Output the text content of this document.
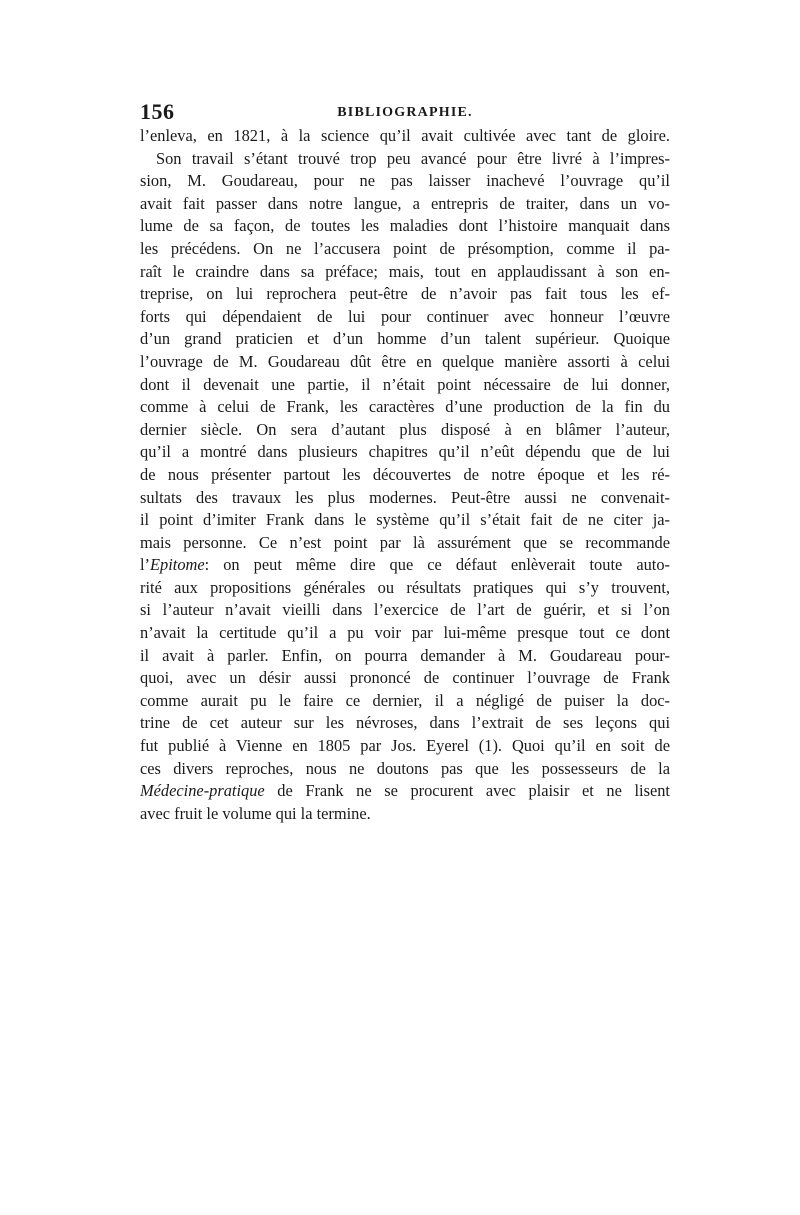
156	BIBLIOGRAPHIE.
l’enleva, en 1821, à la science qu’il avait cultivée avec tant de gloire.
Son travail s’étant trouvé trop peu avancé pour être livré à l’impres-
sion, M. Goudareau, pour ne pas laisser inachevé l’ouvrage qu’il
avait fait passer dans notre langue, a entrepris de traiter, dans un vo-
lume de sa façon, de toutes les maladies dont l’histoire manquait dans
les précédens. On ne l’accusera point de présomption, comme il pa-
raît le craindre dans sa préface; mais, tout en applaudissant à son en-
treprise, on lui reprochera peut-être de n’avoir pas fait tous les ef-
forts qui dépendaient de lui pour continuer avec honneur l’œuvre
d’un grand praticien et d’un homme d’un talent supérieur. Quoique
l’ouvrage de M. Goudareau dût être en quelque manière assorti à celui
dont il devenait une partie, il n’était point nécessaire de lui donner,
comme à celui de Frank, les caractères d’une production de la fin du
dernier siècle. On sera d’autant plus disposé à en blâmer l’auteur,
qu’il a montré dans plusieurs chapitres qu’il n’eût dépendu que de lui
de nous présenter partout les découvertes de notre époque et les ré-
sultats des travaux les plus modernes. Peut-être aussi ne convenait-
il point d’imiter Frank dans le système qu’il s’était fait de ne citer ja-
mais personne. Ce n’est point par là assurément que se recommande
l’Epitome: on peut même dire que ce défaut enlèverait toute auto-
rité aux propositions générales ou résultats pratiques qui s’y trouvent,
si l’auteur n’avait vieilli dans l’exercice de l’art de guérir, et si l’on
n’avait la certitude qu’il a pu voir par lui-même presque tout ce dont
il avait à parler. Enfin, on pourra demander à M. Goudareau pour-
quoi, avec un désir aussi prononcé de continuer l’ouvrage de Frank
comme aurait pu le faire ce dernier, il a négligé de puiser la doc-
trine de cet auteur sur les névroses, dans l’extrait de ses leçons qui
fut publié à Vienne en 1805 par Jos. Eyerel (1). Quoi qu’il en soit de
ces divers reproches, nous ne doutons pas que les possesseurs de la
Médecine-pratique de Frank ne se procurent avec plaisir et ne lisent
avec fruit le volume qui la termine.
